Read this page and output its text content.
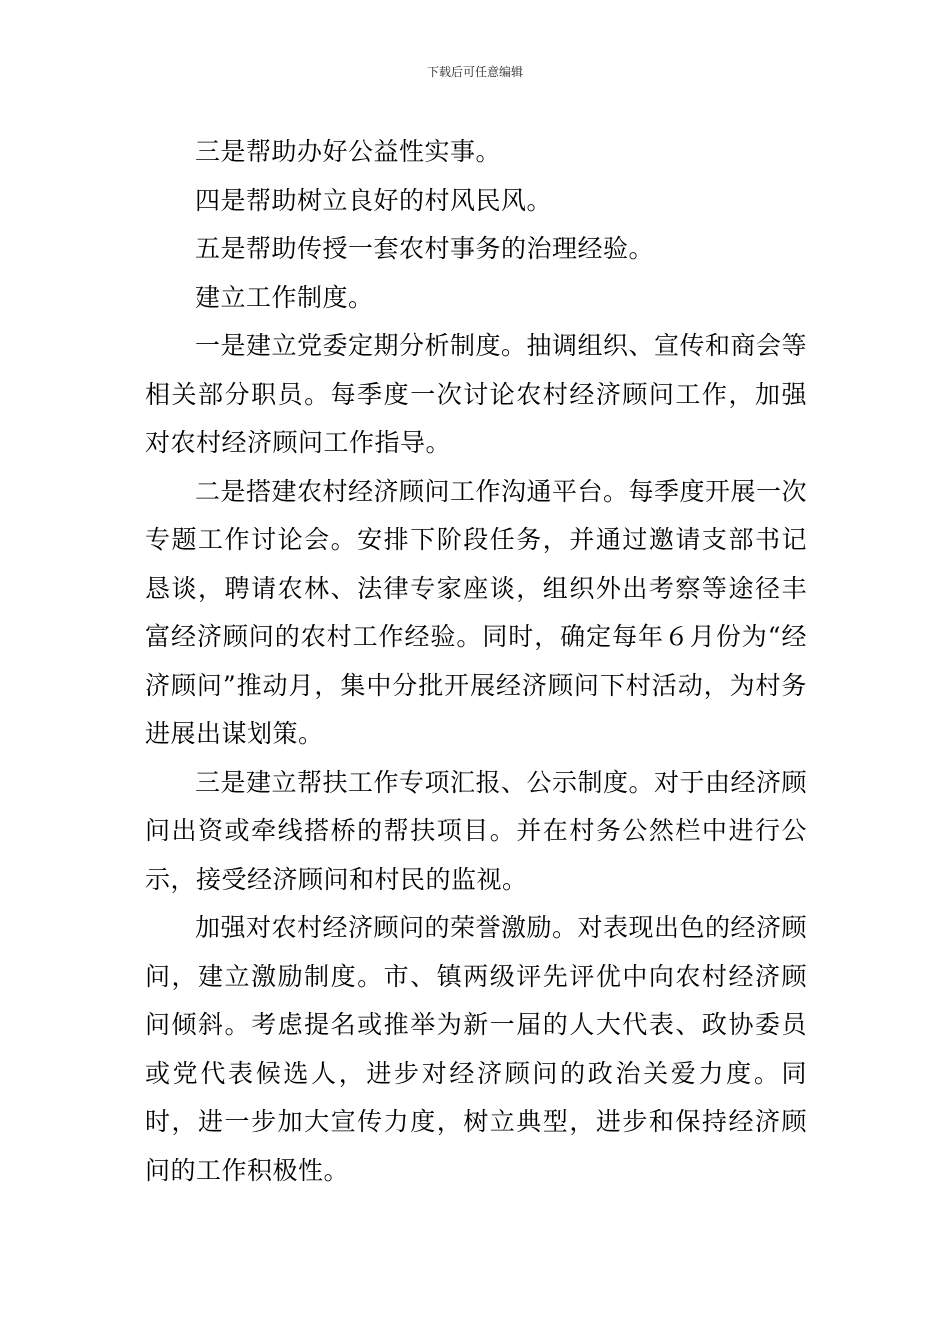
下载后可任意编辑

三是帮助办好公益性实事。

四是帮助树立良好的村风民风。

五是帮助传授一套农村事务的治理经验。

建立工作制度。

一是建立党委定期分析制度。抽调组织、宣传和商会等相关部分职员。每季度一次讨论农村经济顾问工作，加强对农村经济顾问工作指导。

二是搭建农村经济顾问工作沟通平台。每季度开展一次专题工作讨论会。安排下阶段任务，并通过邀请支部书记恳谈，聘请农林、法律专家座谈，组织外出考察等途径丰富经济顾问的农村工作经验。同时，确定每年６月份为“经济顾问”推动月，集中分批开展经济顾问下村活动，为村务进展出谋划策。

三是建立帮扶工作专项汇报、公示制度。对于由经济顾问出资或牵线搭桥的帮扶项目。并在村务公然栏中进行公示，接受经济顾问和村民的监视。

加强对农村经济顾问的荣誉激励。对表现出色的经济顾问，建立激励制度。市、镇两级评先评优中向农村经济顾问倾斜。考虑提名或推举为新一届的人大代表、政协委员或党代表候选人，进步对经济顾问的政治关爱力度。同时，进一步加大宣传力度，树立典型，进步和保持经济顾问的工作积极性。
